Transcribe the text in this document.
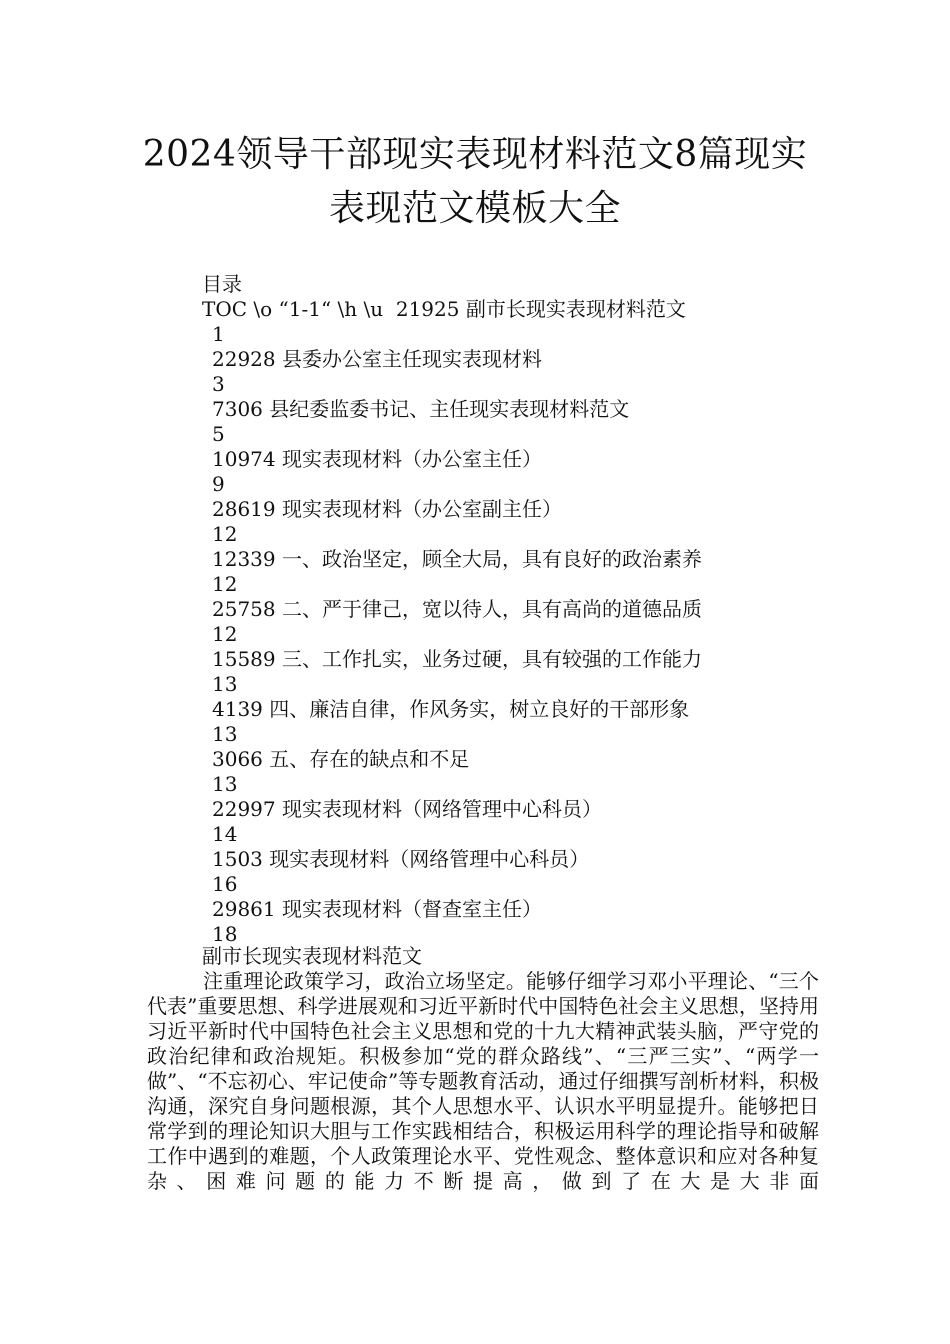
2024领导干部现实表现材料范文8篇现实
表现范文模板大全
目录
TOC \o “1-1“ \h \u  21925 副市长现实表现材料范文
1
22928 县委办公室主任现实表现材料
3
7306 县纪委监委书记、主任现实表现材料范文
5
10974 现实表现材料（办公室主任）
9
28619 现实表现材料（办公室副主任）
12
12339 一、政治坚定，顾全大局，具有良好的政治素养
12
25758 二、严于律己，宽以待人，具有高尚的道德品质
12
15589 三、工作扎实，业务过硬，具有较强的工作能力
13
4139 四、廉洁自律，作风务实，树立良好的干部形象
13
3066 五、存在的缺点和不足
13
22997 现实表现材料（网络管理中心科员）
14
1503 现实表现材料（网络管理中心科员）
16
29861 现实表现材料（督查室主任）
18
副市长现实表现材料范文

注重理论政策学习，政治立场坚定。能够仔细学习邓小平理论、“三个代表”重要思想、科学进展观和习近平新时代中国特色社会主义思想，坚持用习近平新时代中国特色社会主义思想和党的十九大精神武装头脑，严守党的政治纪律和政治规矩。积极参加“党的群众路线”、“三严三实”、“两学一做”、“不忘初心、牢记使命”等专题教育活动，通过仔细撰写剖析材料，积极沟通，深究自身问题根源，其个人思想水平、认识水平明显提升。能够把日常学到的理论知识大胆与工作实践相结合，积极运用科学的理论指导和破解工作中遇到的难题，个人政策理论水平、党性观念、整体意识和应对各种复杂、困难问题的能力不断提高，做到了在大是大非面
